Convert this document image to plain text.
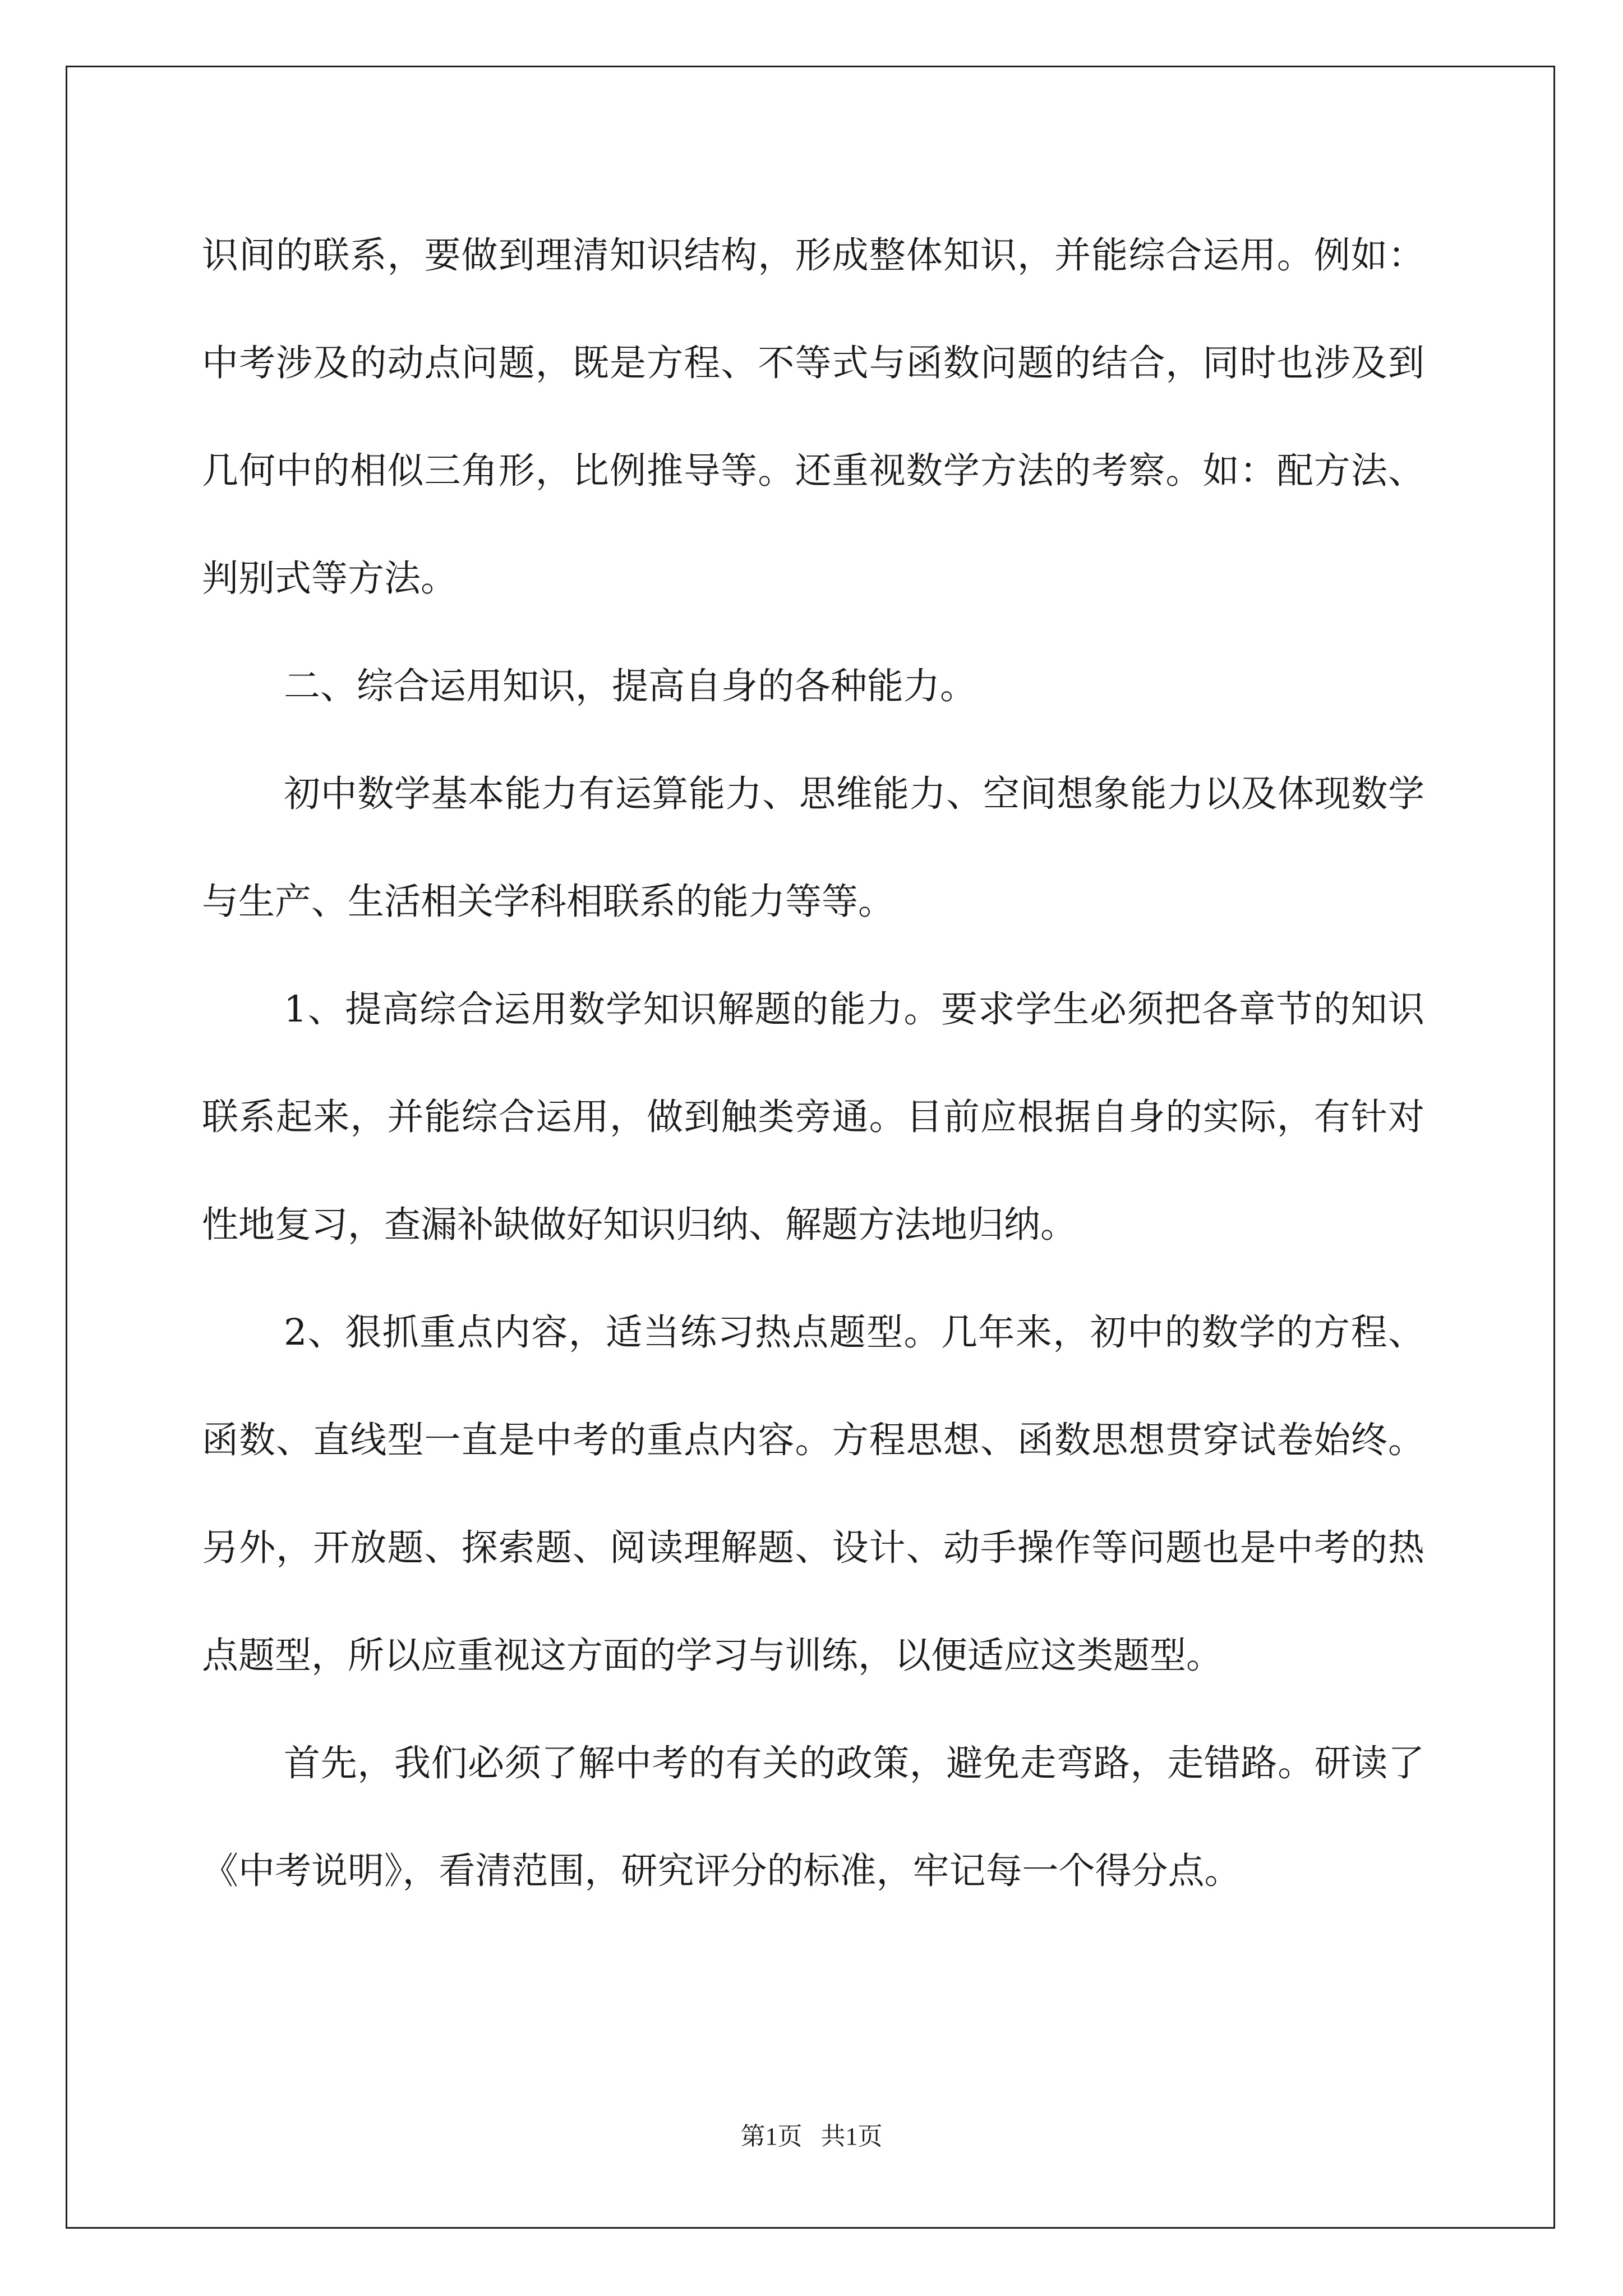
识间的联系，要做到理清知识结构，形成整体知识，并能综合运用。例如：中考涉及的动点问题，既是方程、不等式与函数问题的结合，同时也涉及到几何中的相似三角形，比例推导等。还重视数学方法的考察。如：配方法、判别式等方法。

二、综合运用知识，提高自身的各种能力。

初中数学基本能力有运算能力、思维能力、空间想象能力以及体现数学与生产、生活相关学科相联系的能力等等。

1、提高综合运用数学知识解题的能力。要求学生必须把各章节的知识联系起来，并能综合运用，做到触类旁通。目前应根据自身的实际，有针对性地复习，查漏补缺做好知识归纳、解题方法地归纳。

2、狠抓重点内容，适当练习热点题型。几年来，初中的数学的方程、函数、直线型一直是中考的重点内容。方程思想、函数思想贯穿试卷始终。另外，开放题、探索题、阅读理解题、设计、动手操作等问题也是中考的热点题型，所以应重视这方面的学习与训练，以便适应这类题型。

首先，我们必须了解中考的有关的政策，避免走弯路，走错路。研读了《中考说明》，看清范围，研究评分的标准，牢记每一个得分点。

第1页   共1页
